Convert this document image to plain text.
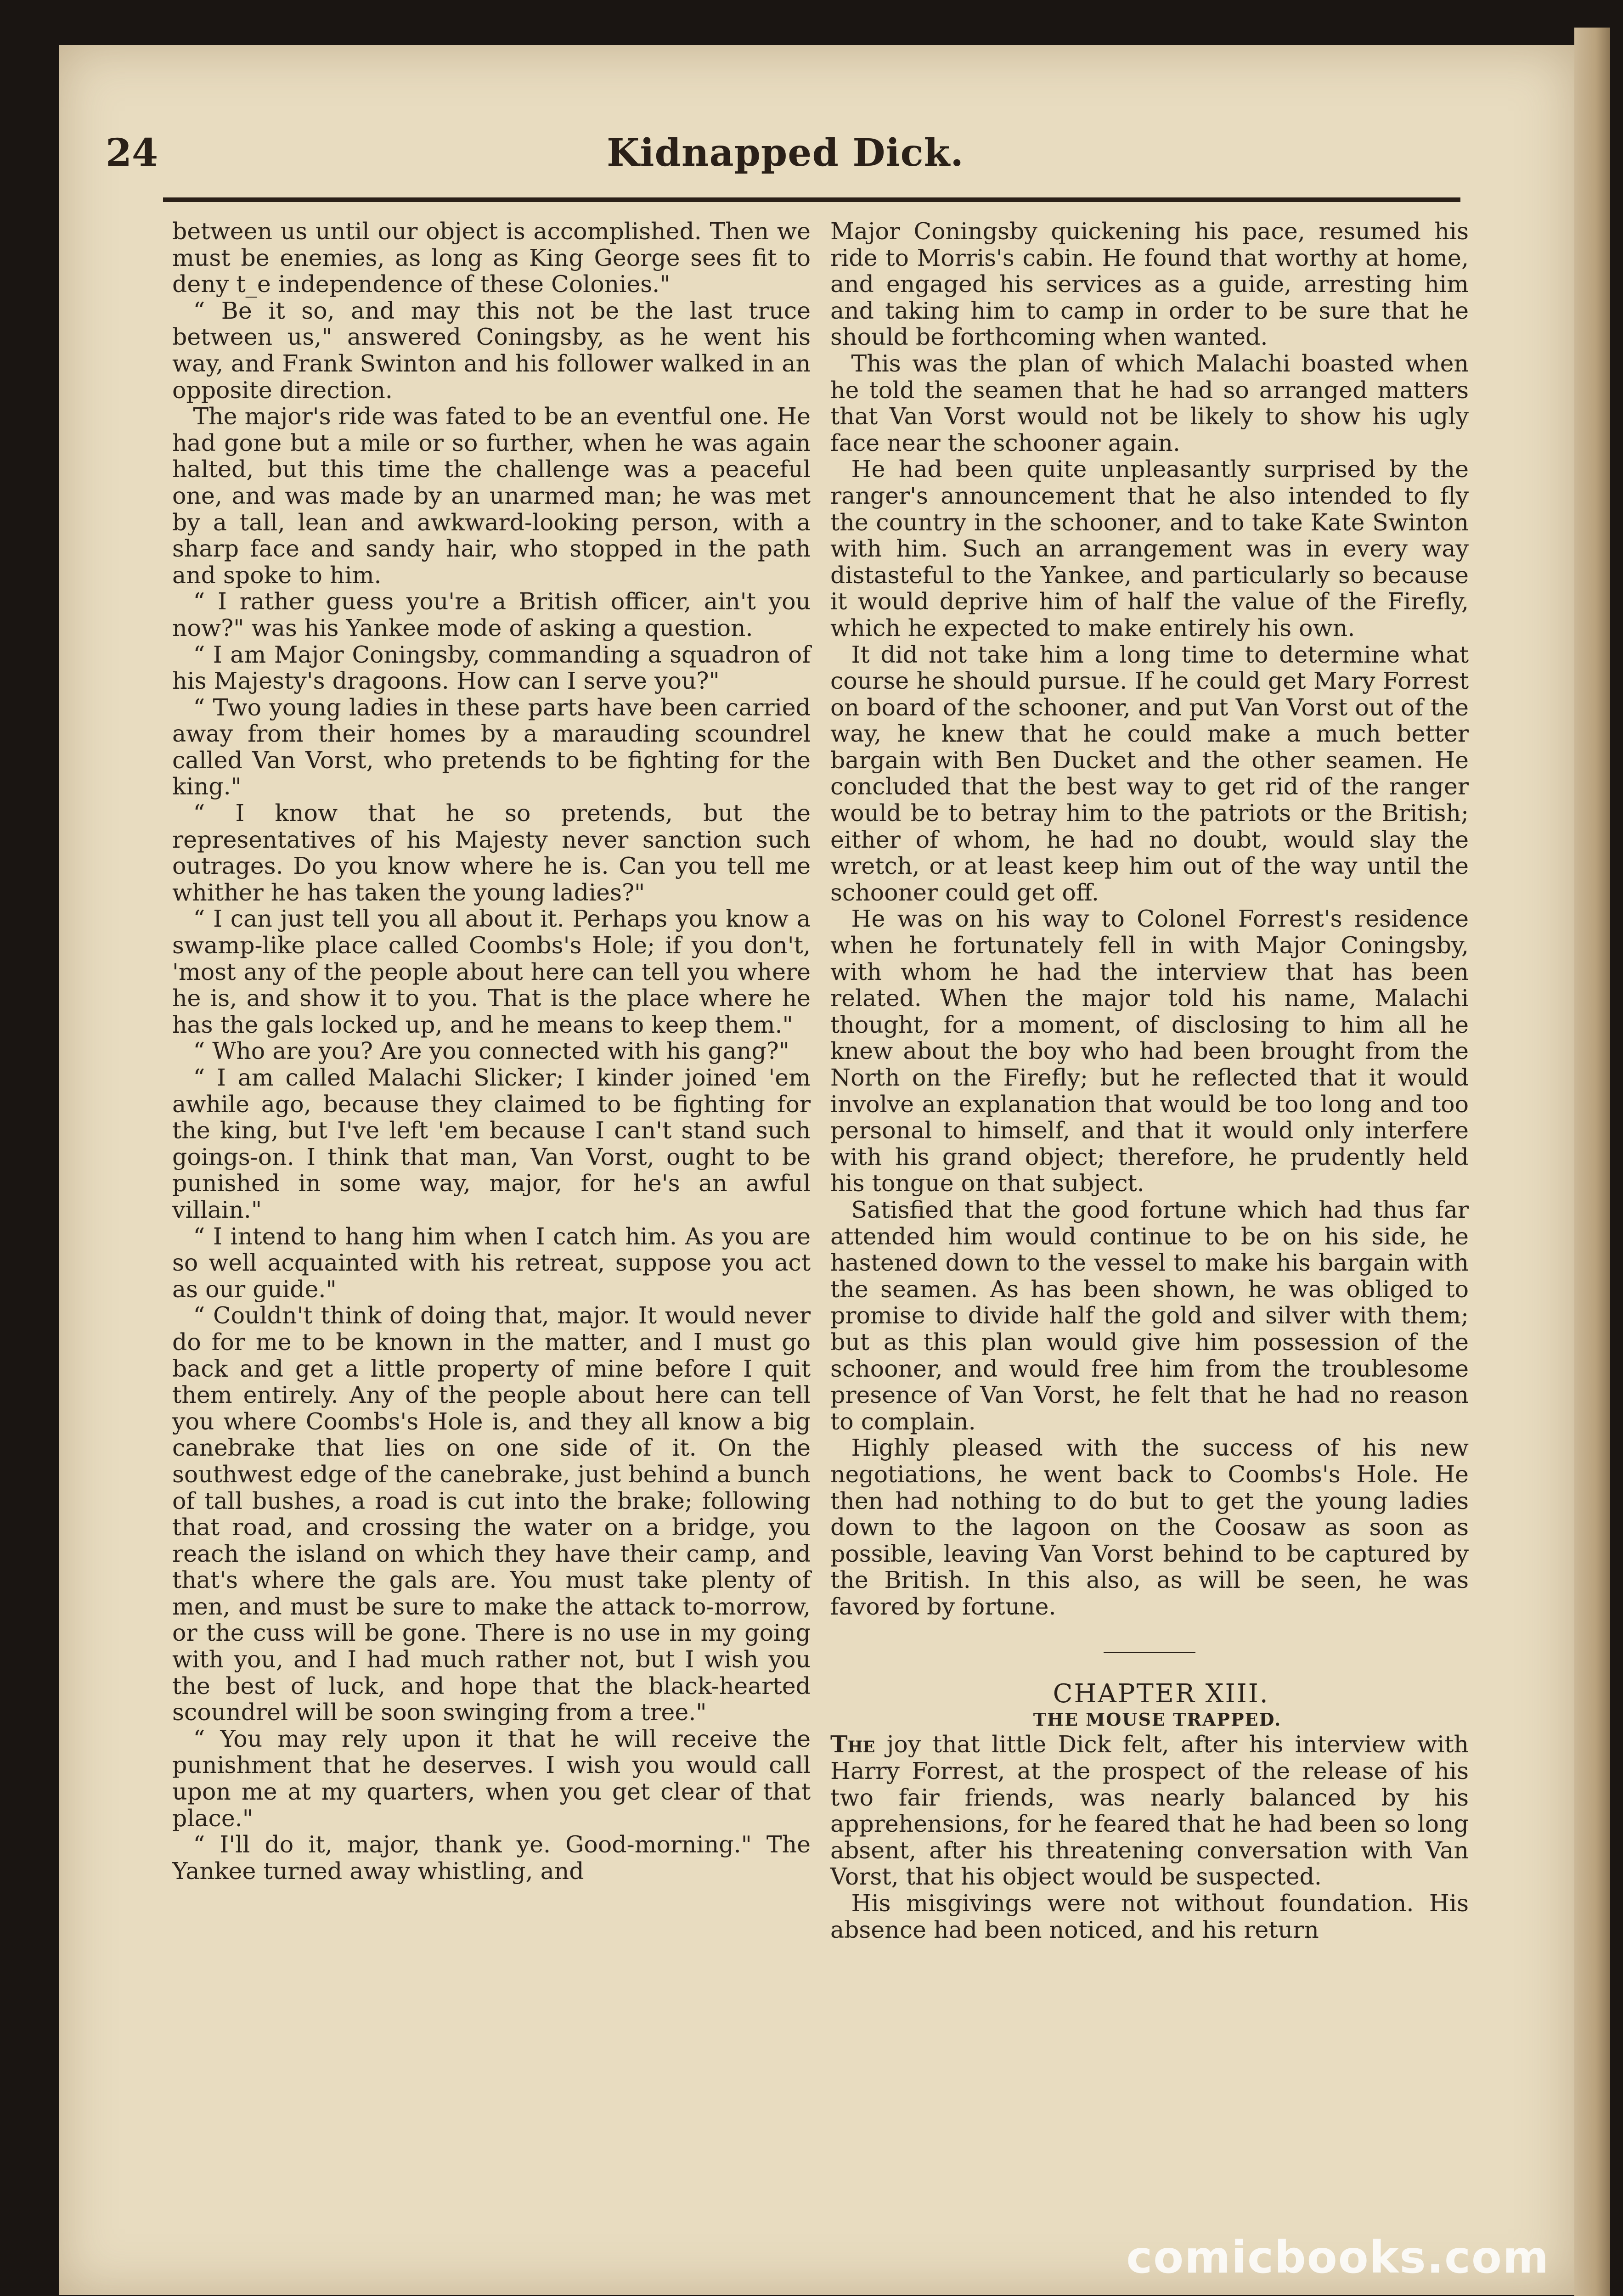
24	Kidnapped Dick.

between us until our object is accomplished. Then we must be enemies, as long as King George sees fit to deny t_e independence of these Colonies."

“ Be it so, and may this not be the last truce between us," answered Coningsby, as he went his way, and Frank Swinton and his follower walked in an opposite direction.

The major's ride was fated to be an eventful one. He had gone but a mile or so further, when he was again halted, but this time the challenge was a peaceful one, and was made by an unarmed man; he was met by a tall, lean and awkward-looking person, with a sharp face and sandy hair, who stopped in the path and spoke to him.

“ I rather guess you're a British officer, ain't you now?" was his Yankee mode of asking a question.

“ I am Major Coningsby, commanding a squadron of his Majesty's dragoons. How can I serve you?"

“ Two young ladies in these parts have been carried away from their homes by a marauding scoundrel called Van Vorst, who pretends to be fighting for the king."

“ I know that he so pretends, but the representatives of his Majesty never sanction such outrages. Do you know where he is. Can you tell me whither he has taken the young ladies?"

“ I can just tell you all about it. Perhaps you know a swamp-like place called Coombs's Hole; if you don't, 'most any of the people about here can tell you where he is, and show it to you. That is the place where he has the gals locked up, and he means to keep them."

“ Who are you? Are you connected with his gang?"

“ I am called Malachi Slicker; I kinder joined 'em awhile ago, because they claimed to be fighting for the king, but I've left 'em because I can't stand such goings-on. I think that man, Van Vorst, ought to be punished in some way, major, for he's an awful villain."

“ I intend to hang him when I catch him. As you are so well acquainted with his retreat, suppose you act as our guide."

“ Couldn't think of doing that, major. It would never do for me to be known in the matter, and I must go back and get a little property of mine before I quit them entirely. Any of the people about here can tell you where Coombs's Hole is, and they all know a big canebrake that lies on one side of it. On the southwest edge of the canebrake, just behind a bunch of tall bushes, a road is cut into the brake; following that road, and crossing the water on a bridge, you reach the island on which they have their camp, and that's where the gals are. You must take plenty of men, and must be sure to make the attack to-morrow, or the cuss will be gone. There is no use in my going with you, and I had much rather not, but I wish you the best of luck, and hope that the black-hearted scoundrel will be soon swinging from a tree."

“ You may rely upon it that he will receive the punishment that he deserves. I wish you would call upon me at my quarters, when you get clear of that place."

“ I'll do it, major, thank ye. Good-morning." The Yankee turned away whistling, and

Major Coningsby quickening his pace, resumed his ride to Morris's cabin. He found that worthy at home, and engaged his services as a guide, arresting him and taking him to camp in order to be sure that he should be forthcoming when wanted.

This was the plan of which Malachi boasted when he told the seamen that he had so arranged matters that Van Vorst would not be likely to show his ugly face near the schooner again.

He had been quite unpleasantly surprised by the ranger's announcement that he also intended to fly the country in the schooner, and to take Kate Swinton with him. Such an arrangement was in every way distasteful to the Yankee, and particularly so because it would deprive him of half the value of the Firefly, which he expected to make entirely his own.

It did not take him a long time to determine what course he should pursue. If he could get Mary Forrest on board of the schooner, and put Van Vorst out of the way, he knew that he could make a much better bargain with Ben Ducket and the other seamen. He concluded that the best way to get rid of the ranger would be to betray him to the patriots or the British; either of whom, he had no doubt, would slay the wretch, or at least keep him out of the way until the schooner could get off.

He was on his way to Colonel Forrest's residence when he fortunately fell in with Major Coningsby, with whom he had the interview that has been related. When the major told his name, Malachi thought, for a moment, of disclosing to him all he knew about the boy who had been brought from the North on the Firefly; but he reflected that it would involve an explanation that would be too long and too personal to himself, and that it would only interfere with his grand object; therefore, he prudently held his tongue on that subject.

Satisfied that the good fortune which had thus far attended him would continue to be on his side, he hastened down to the vessel to make his bargain with the seamen. As has been shown, he was obliged to promise to divide half the gold and silver with them; but as this plan would give him possession of the schooner, and would free him from the troublesome presence of Van Vorst, he felt that he had no reason to complain.

Highly pleased with the success of his new negotiations, he went back to Coombs's Hole. He then had nothing to do but to get the young ladies down to the lagoon on the Coosaw as soon as possible, leaving Van Vorst behind to be captured by the British. In this also, as will be seen, he was favored by fortune.

CHAPTER XIII.

THE MOUSE TRAPPED.

The joy that little Dick felt, after his interview with Harry Forrest, at the prospect of the release of his two fair friends, was nearly balanced by his apprehensions, for he feared that he had been so long absent, after his threatening conversation with Van Vorst, that his object would be suspected.

His misgivings were not without foundation. His absence had been noticed, and his return

comicbooks.com
